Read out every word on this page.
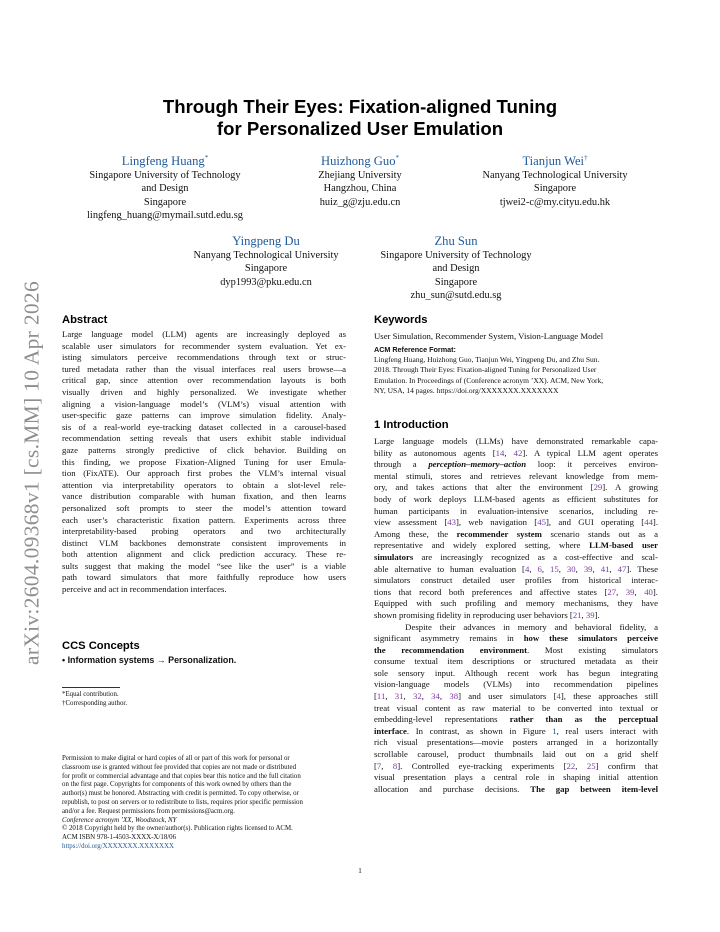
arXiv:2604.09368v1 [cs.MM] 10 Apr 2026
Through Their Eyes: Fixation-aligned Tuning
for Personalized User Emulation
Lingfeng Huang*
Singapore University of Technology
and Design
Singapore
lingfeng_huang@mymail.sutd.edu.sg
Huizhong Guo*
Zhejiang University
Hangzhou, China
huiz_g@zju.edu.cn
Tianjun Wei†
Nanyang Technological University
Singapore
tjwei2-c@my.cityu.edu.hk
Yingpeng Du
Nanyang Technological University
Singapore
dyp1993@pku.edu.cn
Zhu Sun
Singapore University of Technology
and Design
Singapore
zhu_sun@sutd.edu.sg
Abstract
Large language model (LLM) agents are increasingly deployed as
scalable user simulators for recommender system evaluation. Yet ex-
isting simulators perceive recommendations through text or struc-
tured metadata rather than the visual interfaces real users browse—a
critical gap, since attention over recommendation layouts is both
visually driven and highly personalized. We investigate whether
aligning a vision-language model’s (VLM’s) visual attention with
user-specific gaze patterns can improve simulation fidelity. Analy-
sis of a real-world eye-tracking dataset collected in a carousel-based
recommendation setting reveals that users exhibit stable individual
gaze patterns strongly predictive of click behavior. Building on
this finding, we propose Fixation-Aligned Tuning for user Emula-
tion (FixATE). Our approach first probes the VLM’s internal visual
attention via interpretability operators to obtain a slot-level rele-
vance distribution comparable with human fixation, and then learns
personalized soft prompts to steer the model’s attention toward
each user’s characteristic fixation pattern. Experiments across three
interpretability-based probing operators and two architecturally
distinct VLM backbones demonstrate consistent improvements in
both attention alignment and click prediction accuracy. These re-
sults suggest that making the model “see like the user” is a viable
path toward simulators that more faithfully reproduce how users
perceive and act in recommendation interfaces.
CCS Concepts
• Information systems → Personalization.
*Equal contribution.
†Corresponding author.
Permission to make digital or hard copies of all or part of this work for personal or
classroom use is granted without fee provided that copies are not made or distributed
for profit or commercial advantage and that copies bear this notice and the full citation
on the first page. Copyrights for components of this work owned by others than the
author(s) must be honored. Abstracting with credit is permitted. To copy otherwise, or
republish, to post on servers or to redistribute to lists, requires prior specific permission
and/or a fee. Request permissions from permissions@acm.org.
Conference acronym ’XX, Woodstock, NY
© 2018 Copyright held by the owner/author(s). Publication rights licensed to ACM.
ACM ISBN 978-1-4503-XXXX-X/18/06
https://doi.org/XXXXXXX.XXXXXXX
Keywords
User Simulation, Recommender System, Vision-Language Model
ACM Reference Format:
Lingfeng Huang, Huizhong Guo, Tianjun Wei, Yingpeng Du, and Zhu Sun.
2018. Through Their Eyes: Fixation-aligned Tuning for Personalized User
Emulation. In Proceedings of (Conference acronym ’XX). ACM, New York,
NY, USA, 14 pages. https://doi.org/XXXXXXX.XXXXXXX
1 Introduction
Large language models (LLMs) have demonstrated remarkable capa-
bility as autonomous agents [14, 42]. A typical LLM agent operates
through a perception–memory–action loop: it perceives environ-
mental stimuli, stores and retrieves relevant knowledge from mem-
ory, and takes actions that alter the environment [29]. A growing
body of work deploys LLM-based agents as efficient substitutes for
human participants in evaluation-intensive scenarios, including re-
view assessment [43], web navigation [45], and GUI operating [44].
Among these, the recommender system scenario stands out as a
representative and widely explored setting, where LLM-based user
simulators are increasingly recognized as a cost-effective and scal-
able alternative to human evaluation [4, 6, 15, 30, 39, 41, 47]. These
simulators construct detailed user profiles from historical interac-
tions that record both preferences and affective states [27, 39, 40].
Equipped with such profiling and memory mechanisms, they have
shown promising fidelity in reproducing user behaviors [21, 39].
Despite their advances in memory and behavioral fidelity, a
significant asymmetry remains in how these simulators perceive
the recommendation environment. Most existing simulators
consume textual item descriptions or structured metadata as their
sole sensory input. Although recent work has begun integrating
vision-language models (VLMs) into recommendation pipelines
[11, 31, 32, 34, 38] and user simulators [4], these approaches still
treat visual content as raw material to be converted into textual or
embedding-level representations rather than as the perceptual
interface. In contrast, as shown in Figure 1, real users interact with
rich visual presentations—movie posters arranged in a horizontally
scrollable carousel, product thumbnails laid out on a grid shelf
[7, 8]. Controlled eye-tracking experiments [22, 25] confirm that
visual presentation plays a central role in shaping initial attention
allocation and purchase decisions. The gap between item-level
1
